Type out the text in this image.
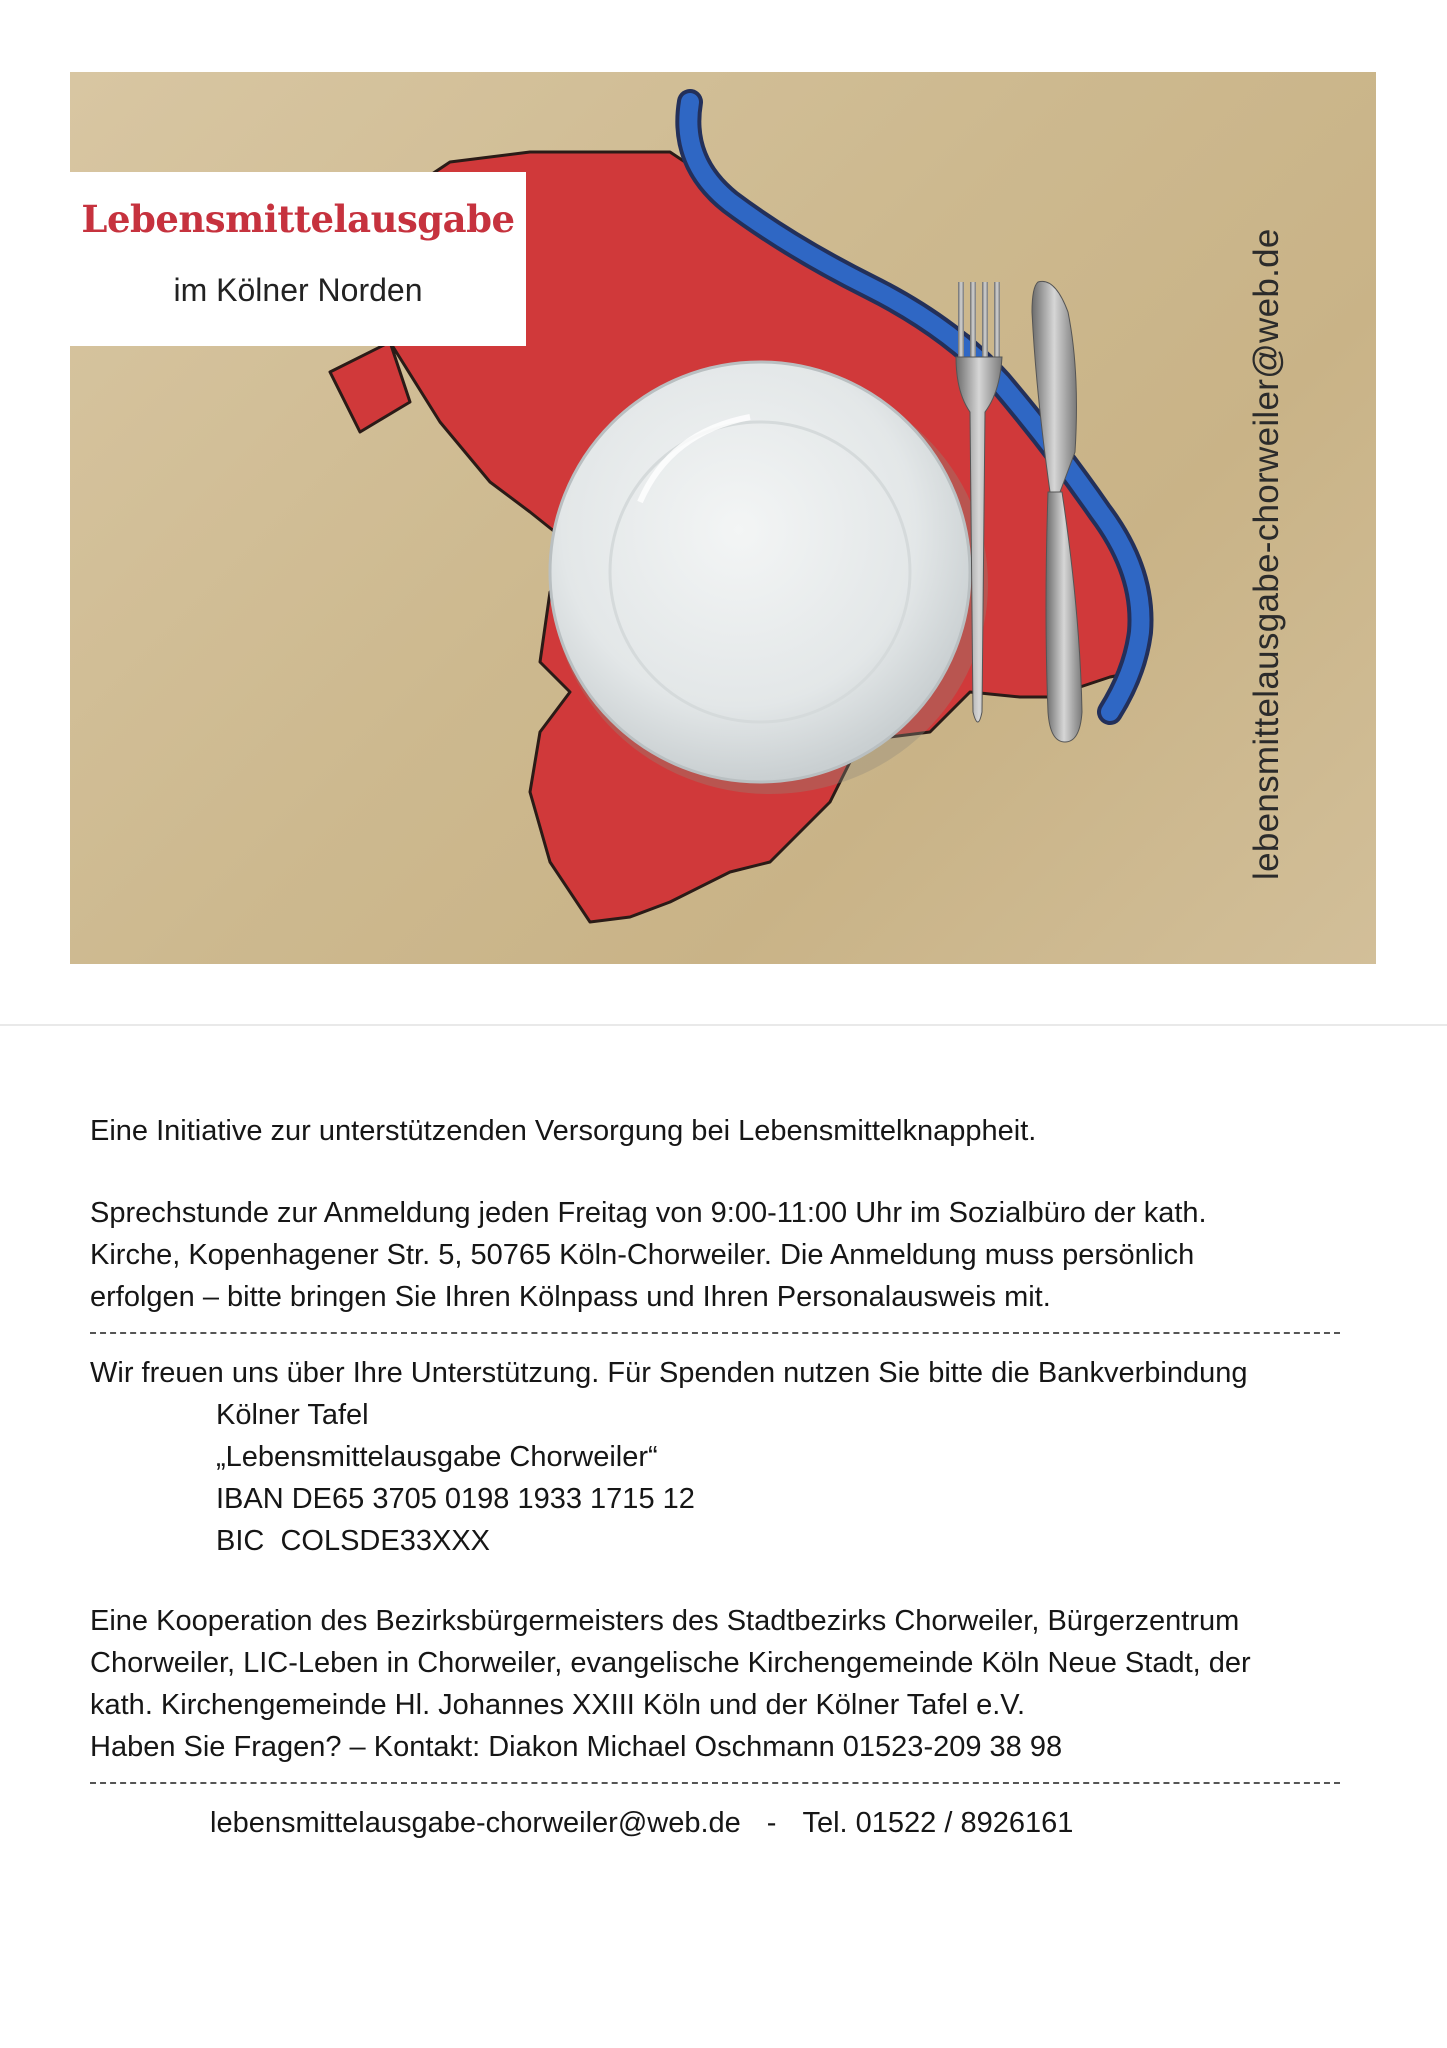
Lebensmittelausgabe
im Kölner Norden	lebensmittelausgabe-chorweiler@web.de

Eine Initiative zur unterstützenden Versorgung bei Lebensmittelknappheit.

Sprechstunde zur Anmeldung jeden Freitag von 9:00-11:00 Uhr im Sozialbüro der kath.

Kirche, Kopenhagener Str. 5, 50765 Köln-Chorweiler. Die Anmeldung muss persönlich

erfolgen – bitte bringen Sie Ihren Kölnpass und Ihren Personalausweis mit.

Wir freuen uns über Ihre Unterstützung. Für Spenden nutzen Sie bitte die Bankverbindung

Kölner Tafel

„Lebensmittelausgabe Chorweiler“

IBAN DE65 3705 0198 1933 1715 12

BIC  COLSDE33XXX

Eine Kooperation des Bezirksbürgermeisters des Stadtbezirks Chorweiler, Bürgerzentrum

Chorweiler, LIC-Leben in Chorweiler, evangelische Kirchengemeinde Köln Neue Stadt, der

kath. Kirchengemeinde Hl. Johannes XXIII Köln und der Kölner Tafel e.V.

Haben Sie Fragen? – Kontakt: Diakon Michael Oschmann 01523-209 38 98

lebensmittelausgabe-chorweiler@web.de - Tel. 01522 / 8926161
